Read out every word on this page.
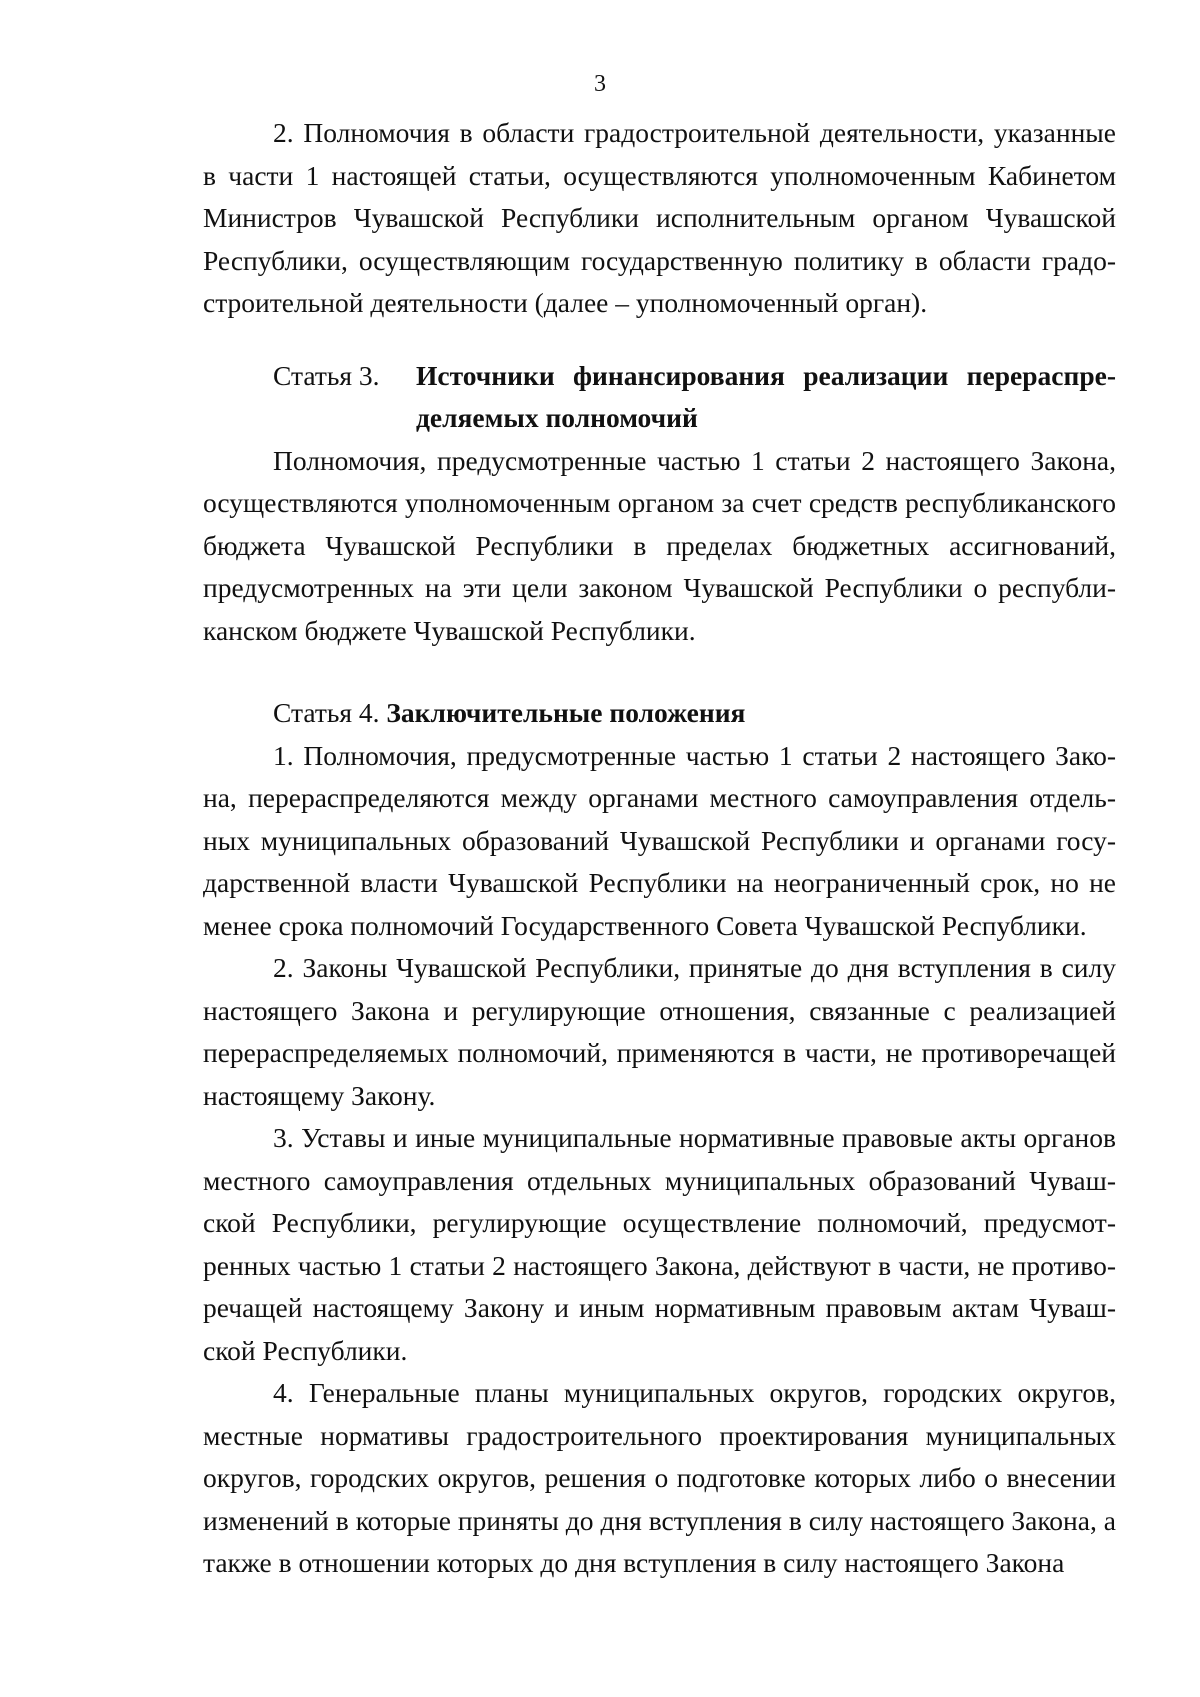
3

2. Полномочия в области градостроительной деятельности, указанные в части 1 настоящей статьи, осуществляются уполномоченным Кабинетом Министров Чувашской Республики исполнительным органом Чувашской Республики, осуществляющим государственную политику в области градостроительной деятельности (далее – уполномоченный орган).

Статья 3.	Источники финансирования реализации перераспределяемых полномочий

Полномочия, предусмотренные частью 1 статьи 2 настоящего Закона, осуществляются уполномоченным органом за счет средств республиканского бюджета Чувашской Республики в пределах бюджетных ассигнований, предусмотренных на эти цели законом Чувашской Республики о республиканском бюджете Чувашской Республики.

Статья 4. Заключительные положения

1. Полномочия, предусмотренные частью 1 статьи 2 настоящего Закона, перераспределяются между органами местного самоуправления отдельных муниципальных образований Чувашской Республики и органами государственной власти Чувашской Республики на неограниченный срок, но не менее срока полномочий Государственного Совета Чувашской Республики.

2. Законы Чувашской Республики, принятые до дня вступления в силу настоящего Закона и регулирующие отношения, связанные с реализацией перераспределяемых полномочий, применяются в части, не противоречащей настоящему Закону.

3. Уставы и иные муниципальные нормативные правовые акты органов местного самоуправления отдельных муниципальных образований Чувашской Республики, регулирующие осуществление полномочий, предусмотренных частью 1 статьи 2 настоящего Закона, действуют в части, не противоречащей настоящему Закону и иным нормативным правовым актам Чувашской Республики.

4. Генеральные планы муниципальных округов, городских округов, местные нормативы градостроительного проектирования муниципальных округов, городских округов, решения о подготовке которых либо о внесении изменений в которые приняты до дня вступления в силу настоящего Закона, а также в отношении которых до дня вступления в силу настоящего Закона
